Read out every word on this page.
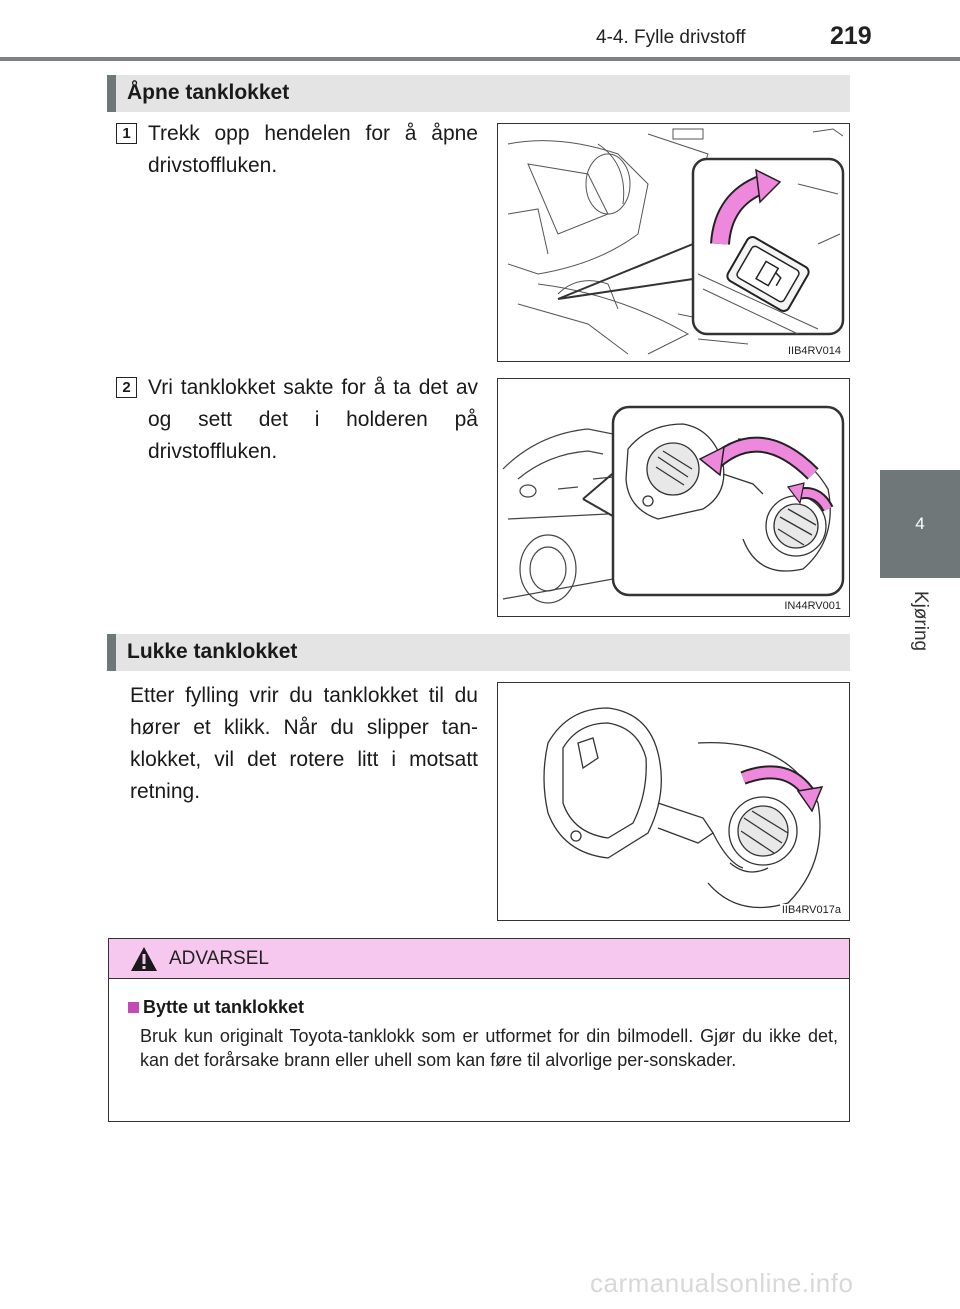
4-4. Fylle drivstoff	219
4
Kjøring
Åpne tanklokket
1 Trekk opp hendelen for å åpne drivstoffluken.
IIB4RV014
2 Vri tanklokket sakte for å ta det av og sett det i holderen på drivstoffluken.
IN44RV001
Lukke tanklokket
Etter fylling vrir du tanklokket til du hører et klikk. Når du slipper tan-klokket, vil det rotere litt i motsatt retning.
IIB4RV017a
ADVARSEL
Bytte ut tanklokket
Bruk kun originalt Toyota-tanklokk som er utformet for din bilmodell. Gjør du ikke det, kan det forårsake brann eller uhell som kan føre til alvorlige per-sonskader.
carmanualsonline.info
